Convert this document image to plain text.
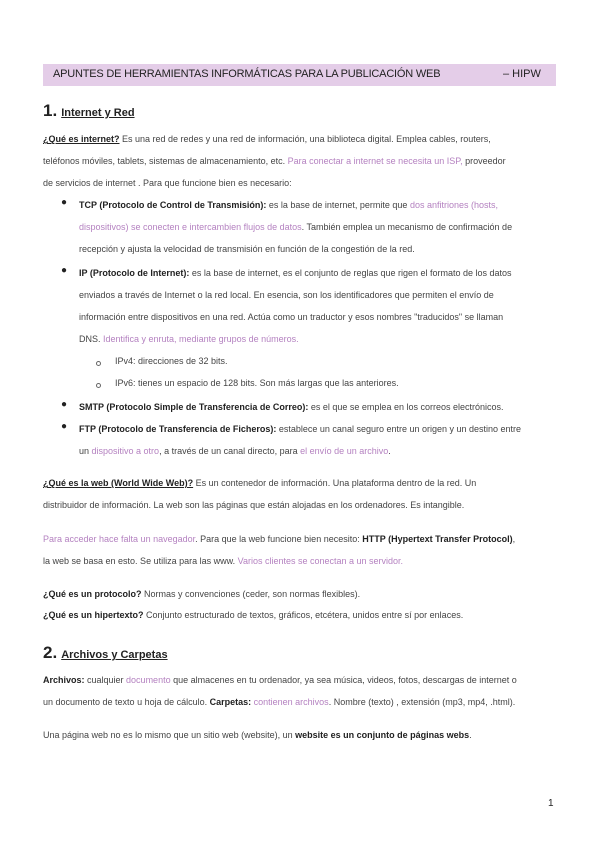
APUNTES DE HERRAMIENTAS INFORMÁTICAS PARA LA PUBLICACIÓN WEB	– HIPW
1. Internet y Red
¿Qué es internet? Es una red de redes y una red de información, una biblioteca digital. Emplea cables, routers,
teléfonos móviles, tablets, sistemas de almacenamiento, etc. Para conectar a internet se necesita un ISP, proveedor
de servicios de internet . Para que funcione bien es necesario:
● TCP (Protocolo de Control de Transmisión): es la base de internet, permite que dos anfitriones (hosts,
dispositivos) se conecten e intercambien flujos de datos. También emplea un mecanismo de confirmación de
recepción y ajusta la velocidad de transmisión en función de la congestión de la red.
● IP (Protocolo de Internet): es la base de internet, es el conjunto de reglas que rigen el formato de los datos
enviados a través de Internet o la red local. En esencia, son los identificadores que permiten el envío de
información entre dispositivos en una red. Actúa como un traductor y esos nombres "traducidos" se llaman
DNS. Identifica y enruta, mediante grupos de números.
IPv4: direcciones de 32 bits.
IPv6: tienes un espacio de 128 bits. Son más largas que las anteriores.
● SMTP (Protocolo Simple de Transferencia de Correo): es el que se emplea en los correos electrónicos.
● FTP (Protocolo de Transferencia de Ficheros): establece un canal seguro entre un origen y un destino entre
un dispositivo a otro, a través de un canal directo, para el envío de un archivo.
¿Qué es la web (World Wide Web)? Es un contenedor de información. Una plataforma dentro de la red. Un
distribuidor de información. La web son las páginas que están alojadas en los ordenadores. Es intangible.
Para acceder hace falta un navegador. Para que la web funcione bien necesito: HTTP (Hypertext Transfer Protocol),
la web se basa en esto. Se utiliza para las www. Varios clientes se conectan a un servidor.
¿Qué es un protocolo? Normas y convenciones (ceder, son normas flexibles).
¿Qué es un hipertexto? Conjunto estructurado de textos, gráficos, etcétera, unidos entre sí por enlaces.
2. Archivos y Carpetas
Archivos: cualquier documento que almacenes en tu ordenador, ya sea música, videos, fotos, descargas de internet o
un documento de texto u hoja de cálculo. Carpetas: contienen archivos. Nombre (texto) , extensión (mp3, mp4, .html).
Una página web no es lo mismo que un sitio web (website), un website es un conjunto de páginas webs.
1
